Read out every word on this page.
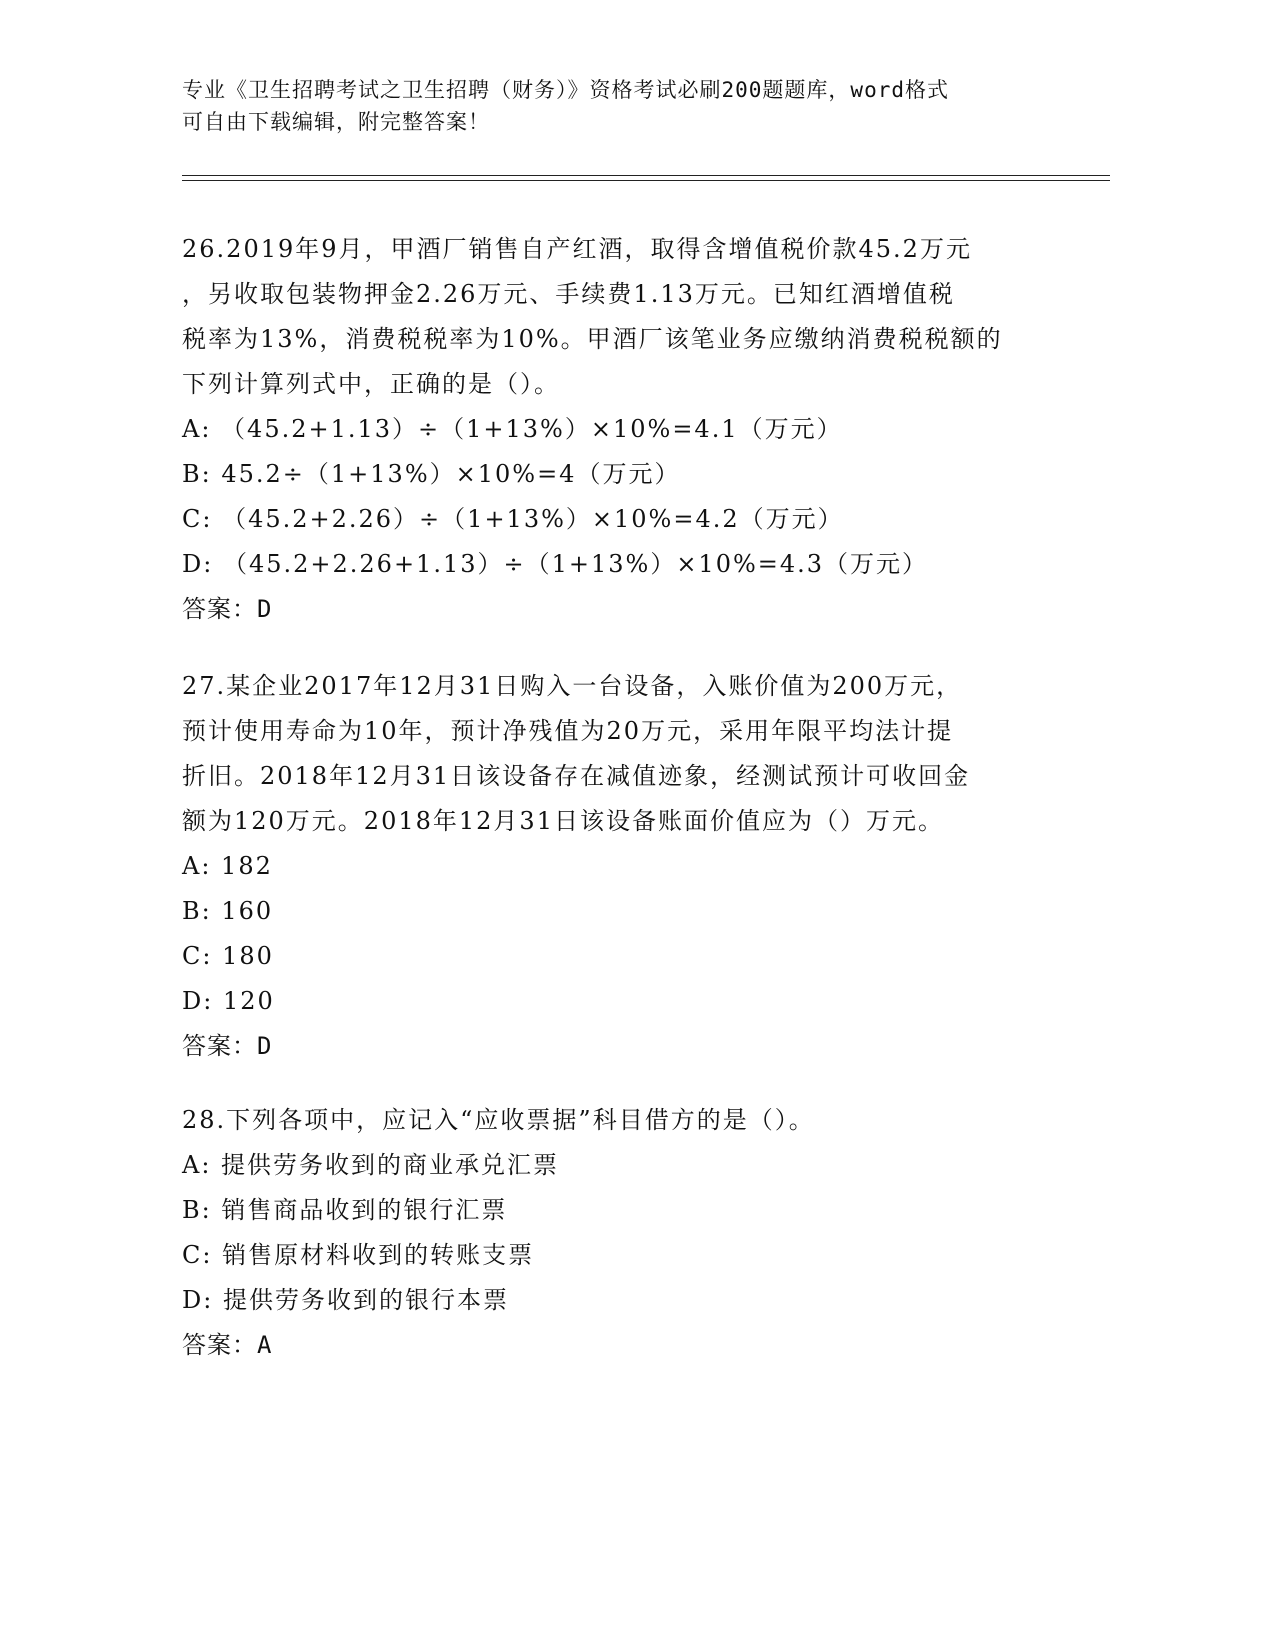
专业《卫生招聘考试之卫生招聘（财务）》资格考试必刷200题题库，word格式
可自由下载编辑，附完整答案！
26.2019年9月，甲酒厂销售自产红酒，取得含增值税价款45.2万元
，另收取包装物押金2.26万元、手续费1.13万元。已知红酒增值税
税率为13%，消费税税率为10%。甲酒厂该笔业务应缴纳消费税税额的
下列计算列式中，正确的是（）。
A: （45.2+1.13）÷（1+13%）×10%=4.1（万元）
B: 45.2÷（1+13%）×10%=4（万元）
C: （45.2+2.26）÷（1+13%）×10%=4.2（万元）
D: （45.2+2.26+1.13）÷（1+13%）×10%=4.3（万元）
答案：D
27.某企业2017年12月31日购入一台设备，入账价值为200万元，
预计使用寿命为10年，预计净残值为20万元，采用年限平均法计提
折旧。2018年12月31日该设备存在减值迹象，经测试预计可收回金
额为120万元。2018年12月31日该设备账面价值应为（）万元。
A: 182
B: 160
C: 180
D: 120
答案：D
28.下列各项中，应记入“应收票据”科目借方的是（）。
A: 提供劳务收到的商业承兑汇票
B: 销售商品收到的银行汇票
C: 销售原材料收到的转账支票
D: 提供劳务收到的银行本票
答案：A
